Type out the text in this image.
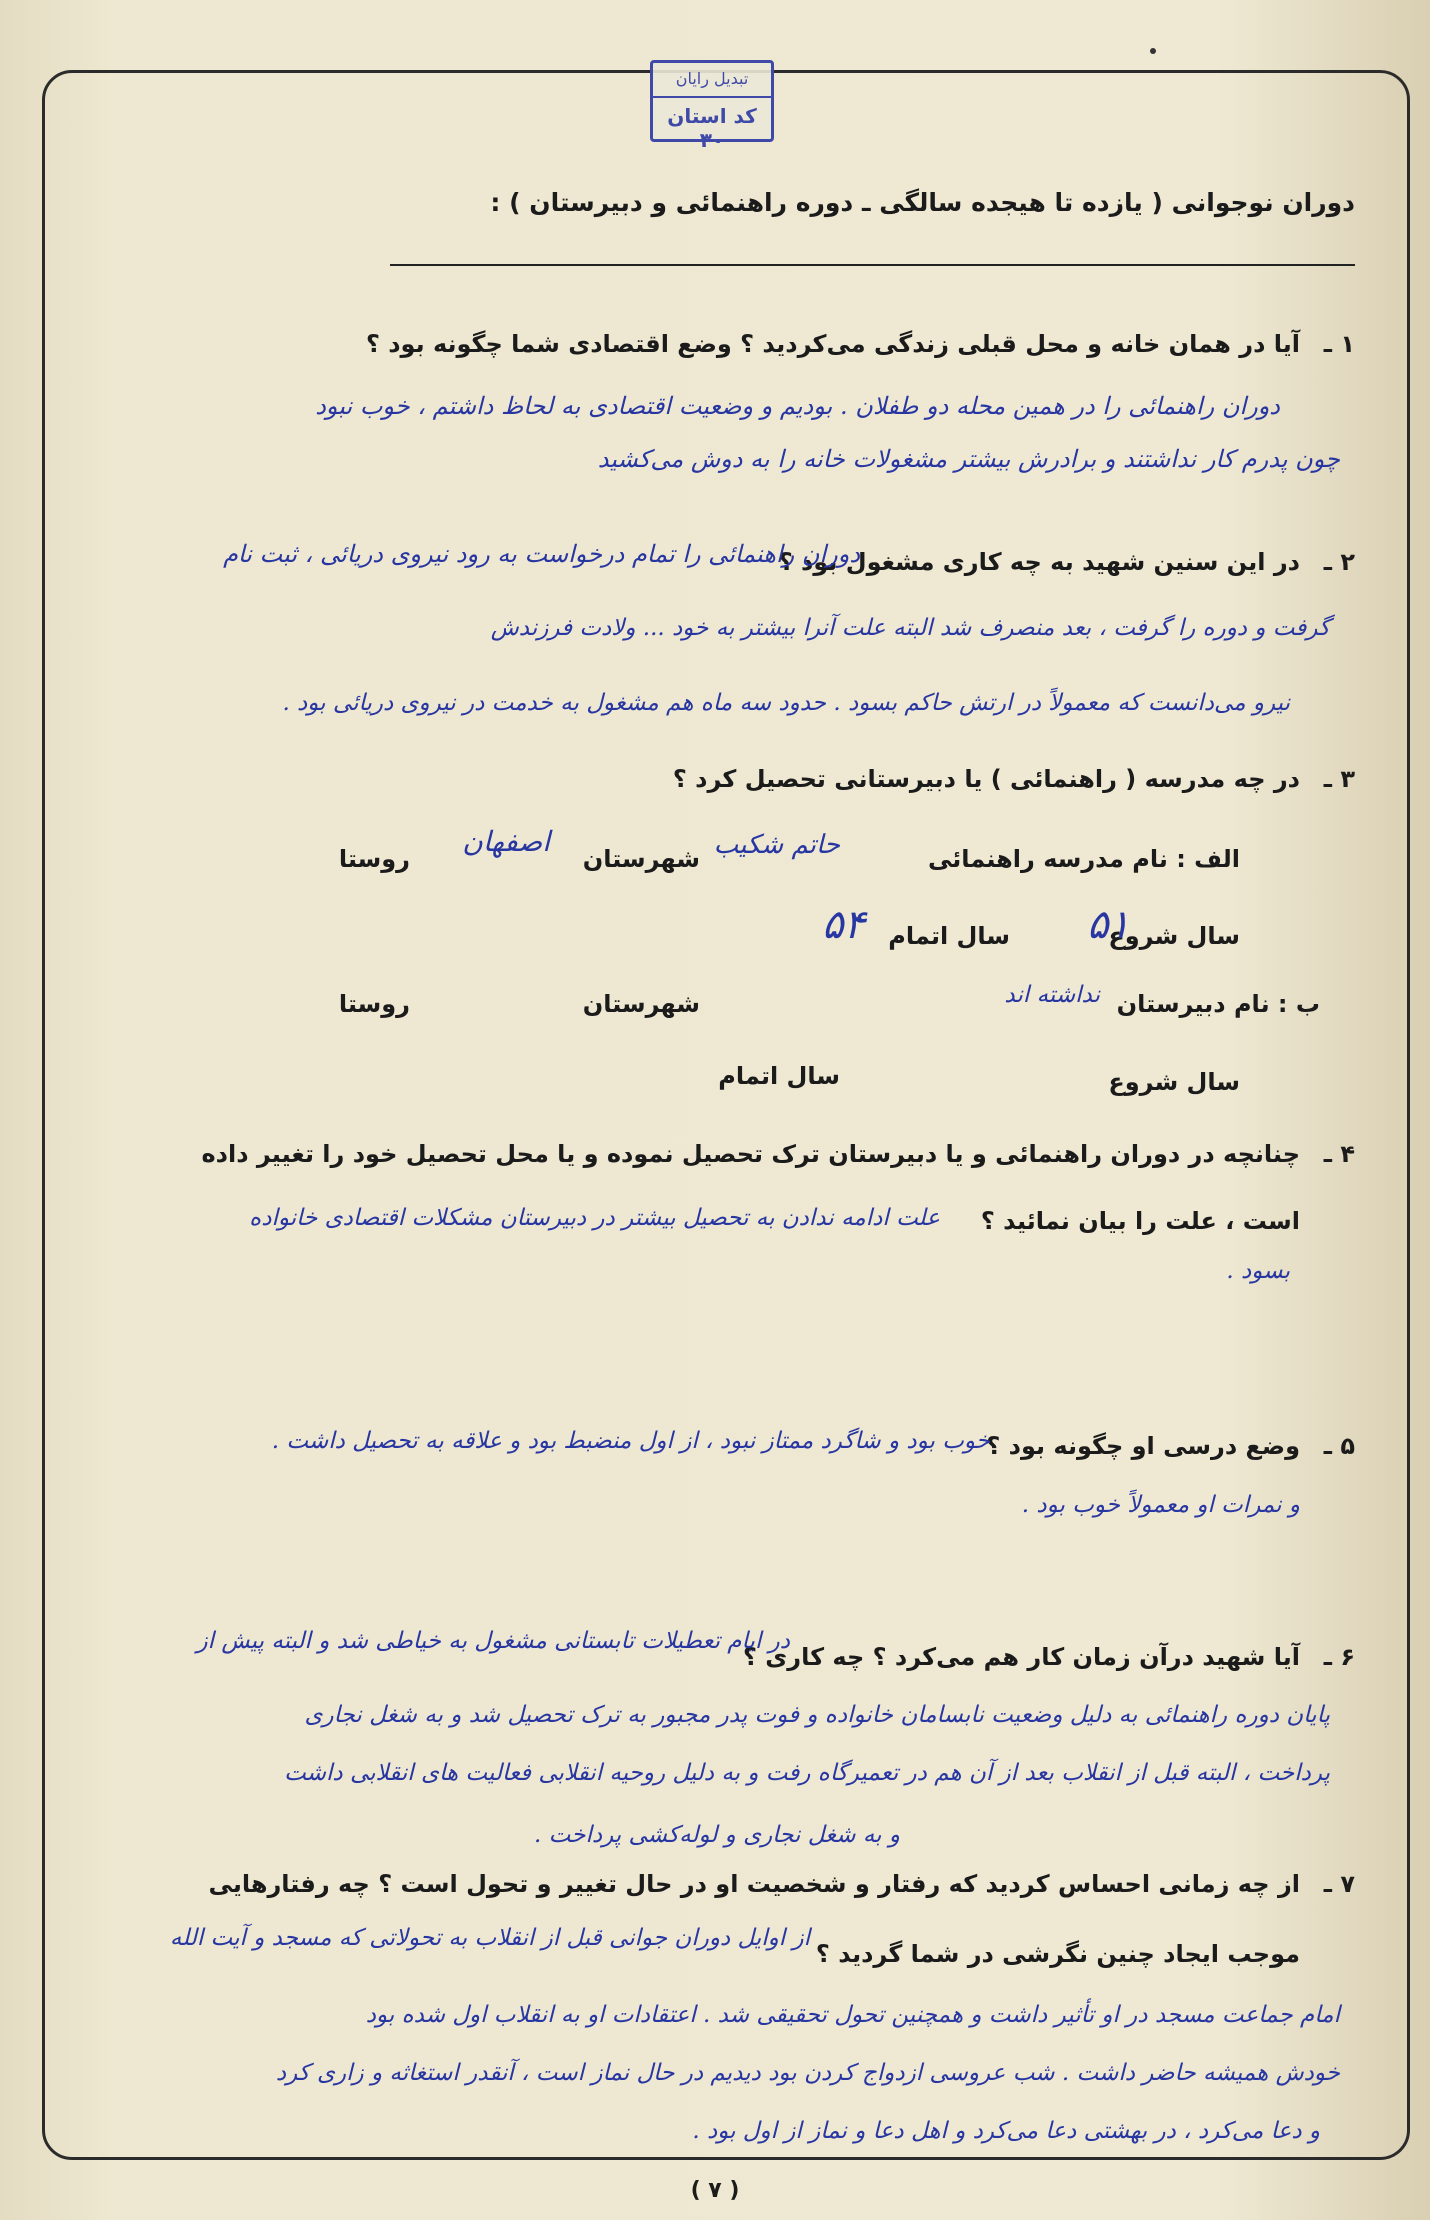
تبدیل رایان
کد استان ۳۰
دوران نوجوانی ( یازده تا هیجده سالگی ـ دوره راهنمائی و دبیرستان ) :
۱ ـ
آیا در همان خانه و محل قبلی زندگی می‌کردید ؟ وضع اقتصادی شما چگونه بود ؟
دوران راهنمائی را در همین محله دو طفلان . بودیم و وضعیت اقتصادی به لحاظ داشتم ، خوب نبود
چون پدرم کار نداشتند و برادرش بیشتر مشغولات خانه را به دوش می‌کشید
۲ ـ
در این سنین شهید به چه کاری مشغول بود ؟
دوران راهنمائی را تمام درخواست به رود نیروی دریائی ، ثبت نام
گرفت و دوره را گرفت ، بعد منصرف شد البته علت آنرا بیشتر به خود ... ولادت فرزندش
نیرو می‌دانست که معمولاً در ارتش حاکم بسود . حدود سه ماه هم مشغول به خدمت در نیروی دریائی بود .
۳ ـ
در چه مدرسه ( راهنمائی ) یا دبیرستانی تحصیل کرد ؟
الف : نام مدرسه راهنمائی
حاتم شکیب
شهرستان
اصفهان
روستا
سال شروع
۵۱
سال اتمام
۵۴
ب : نام دبیرستان
نداشته اند
شهرستان
روستا
سال شروع
سال اتمام
۴ ـ
چنانچه در دوران راهنمائی و یا دبیرستان ترک تحصیل نموده و یا محل تحصیل خود را تغییر داده
است ، علت را بیان نمائید ؟
علت ادامه ندادن به تحصیل بیشتر در دبیرستان مشکلات اقتصادی خانواده
بسود .
۵ ـ
وضع درسی او چگونه بود ؟
خوب بود و شاگرد ممتاز نبود ، از اول منضبط بود و علاقه به تحصیل داشت .
و نمرات او معمولاً خوب بود .
۶ ـ
آیا شهید درآن زمان کار هم می‌کرد ؟ چه کاری ؟
در ایام تعطیلات تابستانی مشغول به خیاطی شد و البته پیش از
پایان دوره راهنمائی به دلیل وضعیت نابسامان خانواده و فوت پدر مجبور به ترک تحصیل شد و به شغل نجاری
پرداخت ، البته قبل از انقلاب بعد از آن هم در تعمیرگاه رفت و به دلیل روحیه انقلابی فعالیت های انقلابی داشت
و به شغل نجاری و لوله‌کشی پرداخت .
۷ ـ
از چه زمانی احساس کردید که رفتار و شخصیت او در حال تغییر و تحول است ؟ چه رفتارهایی
موجب ایجاد چنین نگرشی در شما گردید ؟
از اوایل دوران جوانی قبل از انقلاب به تحولاتی که مسجد و آیت الله
امام جماعت مسجد در او تأثیر داشت و همچنین تحول تحقیقی شد . اعتقادات او به انقلاب اول شده بود
خودش همیشه حاضر داشت . شب عروسی ازدواج کردن بود دیدیم در حال نماز است ، آنقدر استغاثه و زاری کرد
و دعا می‌کرد ، در بهشتی دعا می‌کرد و اهل دعا و نماز از اول بود .
( ۷ )
